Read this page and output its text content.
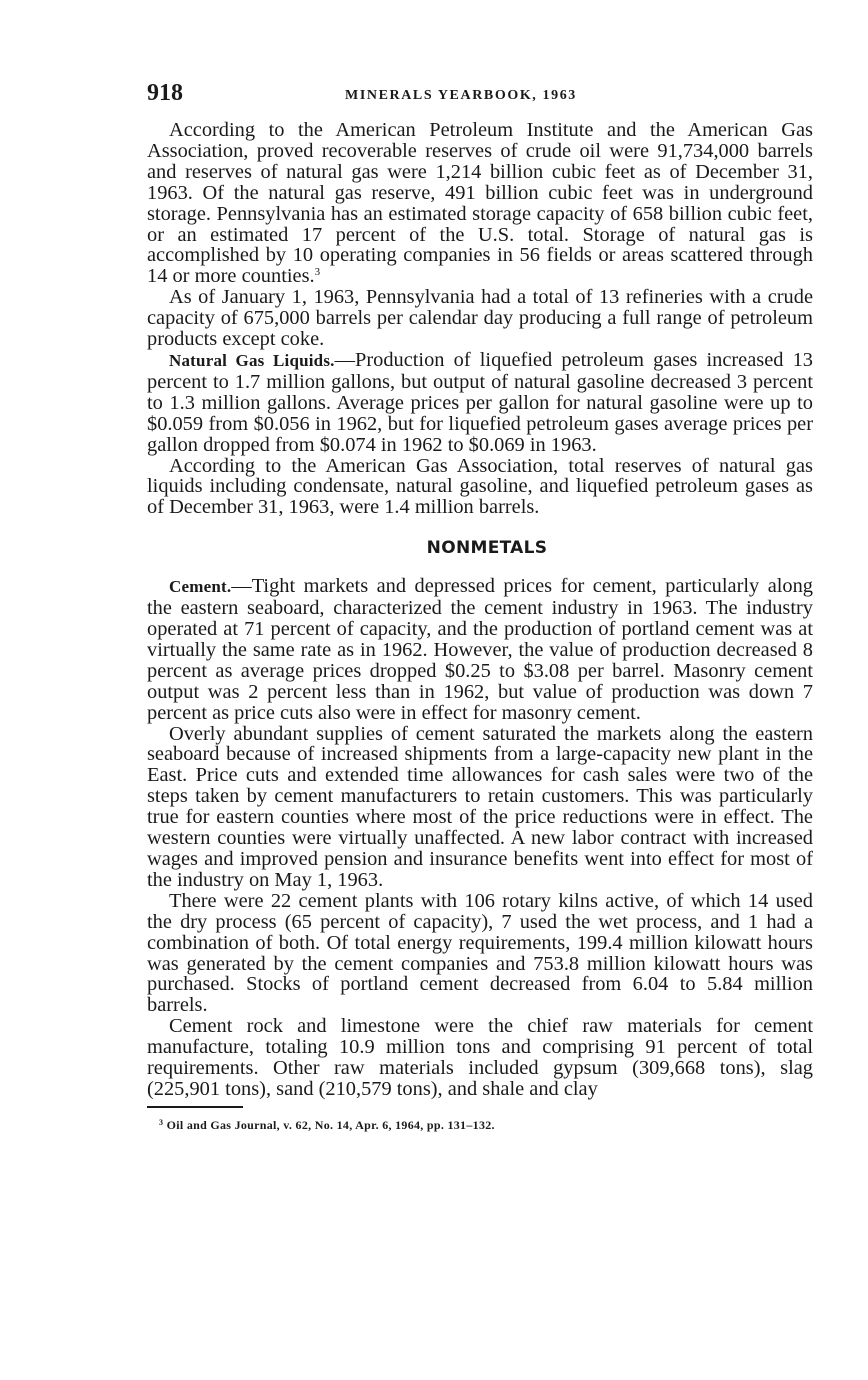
918	MINERALS YEARBOOK, 1963

According to the American Petroleum Institute and the American Gas Association, proved recoverable reserves of crude oil were 91,734,000 barrels and reserves of natural gas were 1,214 billion cubic feet as of December 31, 1963. Of the natural gas reserve, 491 billion cubic feet was in underground storage. Pennsylvania has an estimated storage capacity of 658 billion cubic feet, or an estimated 17 percent of the U.S. total. Storage of natural gas is accomplished by 10 operating companies in 56 fields or areas scattered through 14 or more counties.$^3$

As of January 1, 1963, Pennsylvania had a total of 13 refineries with a crude capacity of 675,000 barrels per calendar day producing a full range of petroleum products except coke.

Natural Gas Liquids.—Production of liquefied petroleum gases increased 13 percent to 1.7 million gallons, but output of natural gasoline decreased 3 percent to 1.3 million gallons. Average prices per gallon for natural gasoline were up to $0.059 from $0.056 in 1962, but for liquefied petroleum gases average prices per gallon dropped from $0.074 in 1962 to $0.069 in 1963.

According to the American Gas Association, total reserves of natural gas liquids including condensate, natural gasoline, and liquefied petroleum gases as of December 31, 1963, were 1.4 million barrels.

NONMETALS

Cement.—Tight markets and depressed prices for cement, particularly along the eastern seaboard, characterized the cement industry in 1963. The industry operated at 71 percent of capacity, and the production of portland cement was at virtually the same rate as in 1962. However, the value of production decreased 8 percent as average prices dropped $0.25 to $3.08 per barrel. Masonry cement output was 2 percent less than in 1962, but value of production was down 7 percent as price cuts also were in effect for masonry cement.

Overly abundant supplies of cement saturated the markets along the eastern seaboard because of increased shipments from a large-capacity new plant in the East. Price cuts and extended time allowances for cash sales were two of the steps taken by cement manufacturers to retain customers. This was particularly true for eastern counties where most of the price reductions were in effect. The western counties were virtually unaffected. A new labor contract with increased wages and improved pension and insurance benefits went into effect for most of the industry on May 1, 1963.

There were 22 cement plants with 106 rotary kilns active, of which 14 used the dry process (65 percent of capacity), 7 used the wet process, and 1 had a combination of both. Of total energy requirements, 199.4 million kilowatt hours was generated by the cement companies and 753.8 million kilowatt hours was purchased. Stocks of portland cement decreased from 6.04 to 5.84 million barrels.

Cement rock and limestone were the chief raw materials for cement manufacture, totaling 10.9 million tons and comprising 91 percent of total requirements. Other raw materials included gypsum (309,668 tons), slag (225,901 tons), sand (210,579 tons), and shale and clay

$^3$ Oil and Gas Journal, v. 62, No. 14, Apr. 6, 1964, pp. 131–132.
